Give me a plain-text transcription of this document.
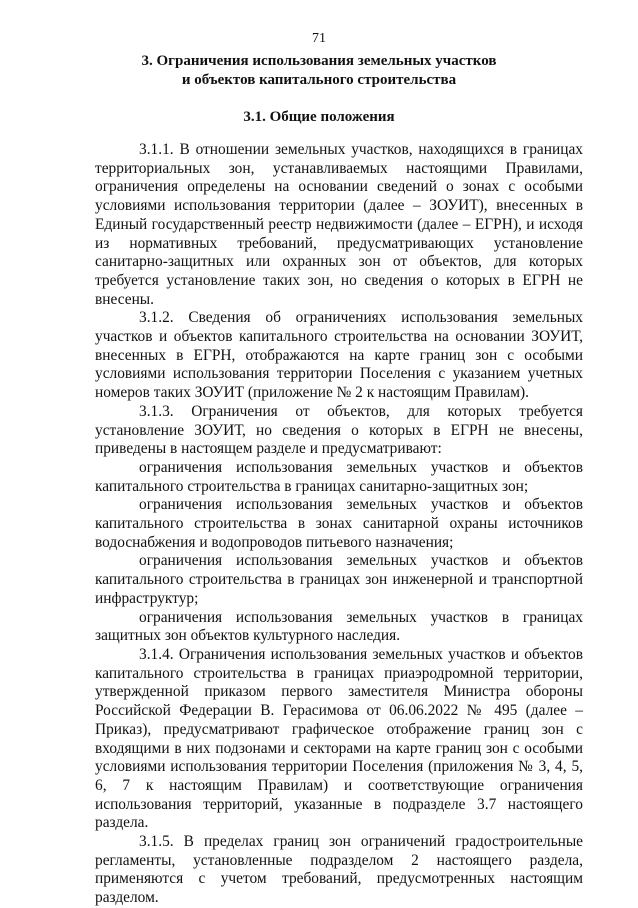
71
3. Ограничения использования земельных участков
и объектов капитального строительства
3.1. Общие положения

3.1.1. В отношении земельных участков, находящихся в границах территориальных зон, устанавливаемых настоящими Правилами, ограничения определены на основании сведений о зонах с особыми условиями использования территории (далее – ЗОУИТ), внесенных в Единый государственный реестр недвижимости (далее – ЕГРН), и исходя из нормативных требований, предусматривающих установление санитарно-защитных или охранных зон от объектов, для которых требуется установление таких зон, но сведения о которых в ЕГРН не внесены.

3.1.2. Сведения об ограничениях использования земельных участков и объектов капитального строительства на основании ЗОУИТ, внесенных в ЕГРН, отображаются на карте границ зон с особыми условиями использования территории Поселения с указанием учетных номеров таких ЗОУИТ (приложение № 2 к настоящим Правилам).

3.1.3. Ограничения от объектов, для которых требуется установление ЗОУИТ, но сведения о которых в ЕГРН не внесены, приведены в настоящем разделе и предусматривают:

ограничения использования земельных участков и объектов капитального строительства в границах санитарно-защитных зон;

ограничения использования земельных участков и объектов капитального строительства в зонах санитарной охраны источников водоснабжения и водопроводов питьевого назначения;

ограничения использования земельных участков и объектов капитального строительства в границах зон инженерной и транспортной инфраструктур;

ограничения использования земельных участков в границах защитных зон объектов культурного наследия.

3.1.4. Ограничения использования земельных участков и объектов капитального строительства в границах приаэродромной территории, утвержденной приказом первого заместителя Министра обороны Российской Федерации В. Герасимова от 06.06.2022 № 495 (далее – Приказ), предусматривают графическое отображение границ зон с входящими в них подзонами и секторами на карте границ зон с особыми условиями использования территории Поселения (приложения № 3, 4, 5, 6, 7 к настоящим Правилам) и соответствующие ограничения использования территорий, указанные в подразделе 3.7 настоящего раздела.

3.1.5. В пределах границ зон ограничений градостроительные регламенты, установленные подразделом 2 настоящего раздела, применяются с учетом требований, предусмотренных настоящим разделом.
